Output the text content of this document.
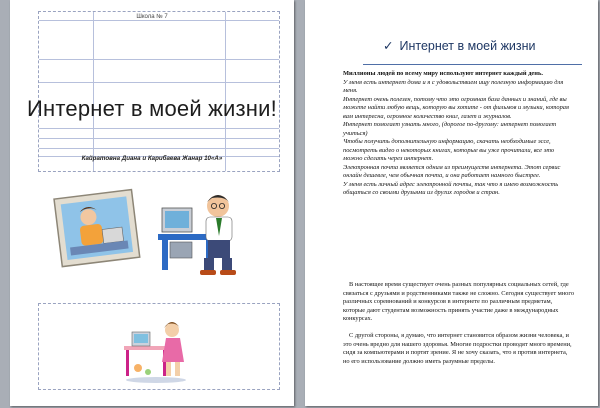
Школа № 7
Интернет в моей жизни!
Кайратовна Диана и Карибаева Жанар 10«А»
✓ Интернет в моей жизни

Миллионы людей по всему миру используют интернет каждый день.

У меня есть интернет дома и я с удовольствием ищу полезную информацию для меня.

Интернет очень полезен, потому что это огромная база данных и знаний, где вы можете найти любую вещь, которую вы хотите - от фильмов и музыки, которая вам интересна, огромное количество книг, газет и журналов.

Интернет помогает узнать много, (дорогое по-другому: интернет помогает учиться)

Чтобы получить дополнительную информацию, скачать необходимые эссе, посмотреть видео о некоторых книгах, которые вы уже прочитали, все это можно сделать через интернет.

Электронная почта является одним из преимуществ интернета. Этот сервис онлайн дешевле, чем обычная почта, и она работает намного быстрее.

У меня есть личный адрес электронной почты, так что я имею возможность общаться со своими друзьями из других городов и стран.

В настоящее время существует очень разных популярных социальных сетей, где связаться с друзьями и родственниками также не сложно. Сегодня существует много различных соревнований и конкурсов в интернете по различным предметам, которые дают студентам возможность принять участие даже в международных конкурсах.

С другой стороны, я думаю, что интернет становится образом жизни человека, и это очень вредно для нашего здоровья. Многие подростки проводят много времени, сидя за компьютерами и портят зрение. Я не хочу сказать, что я против интернета, но его использование должно иметь разумные пределы.
